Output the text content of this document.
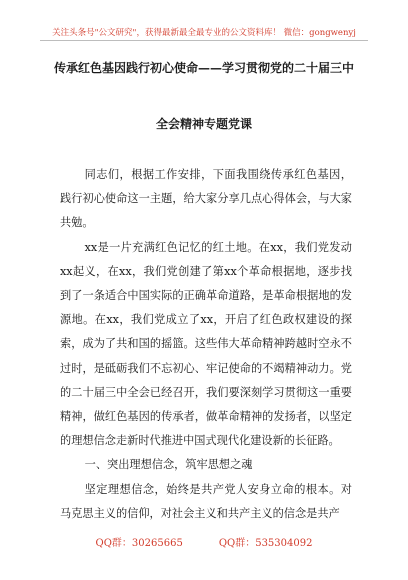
关注头条号"公文研究"，获得最新最全最专业的公文资料库！ 微信：gongwenyj
传承红色基因践行初心使命——学习贯彻党的二十届三中
全会精神专题党课

同志们，根据工作安排，下面我围绕传承红色基因，践行初心使命这一主题，给大家分享几点心得体会，与大家共勉。

xx是一片充满红色记忆的红土地。在xx，我们党发动xx起义，在xx，我们党创建了第xx个革命根据地，逐步找到了一条适合中国实际的正确革命道路，是革命根据地的发源地。在xx，我们党成立了xx，开启了红色政权建设的探索，成为了共和国的摇篮。这些伟大革命精神跨越时空永不过时，是砥砺我们不忘初心、牢记使命的不竭精神动力。党的二十届三中全会已经召开，我们要深刻学习贯彻这一重要精神，做红色基因的传承者，做革命精神的发扬者，以坚定的理想信念走新时代推进中国式现代化建设新的长征路。

一、突出理想信念，筑牢思想之魂

坚定理想信念，始终是共产党人安身立命的根本。对马克思主义的信仰，对社会主义和共产主义的信念是共产

QQ群：30265665	QQ群：535304092
